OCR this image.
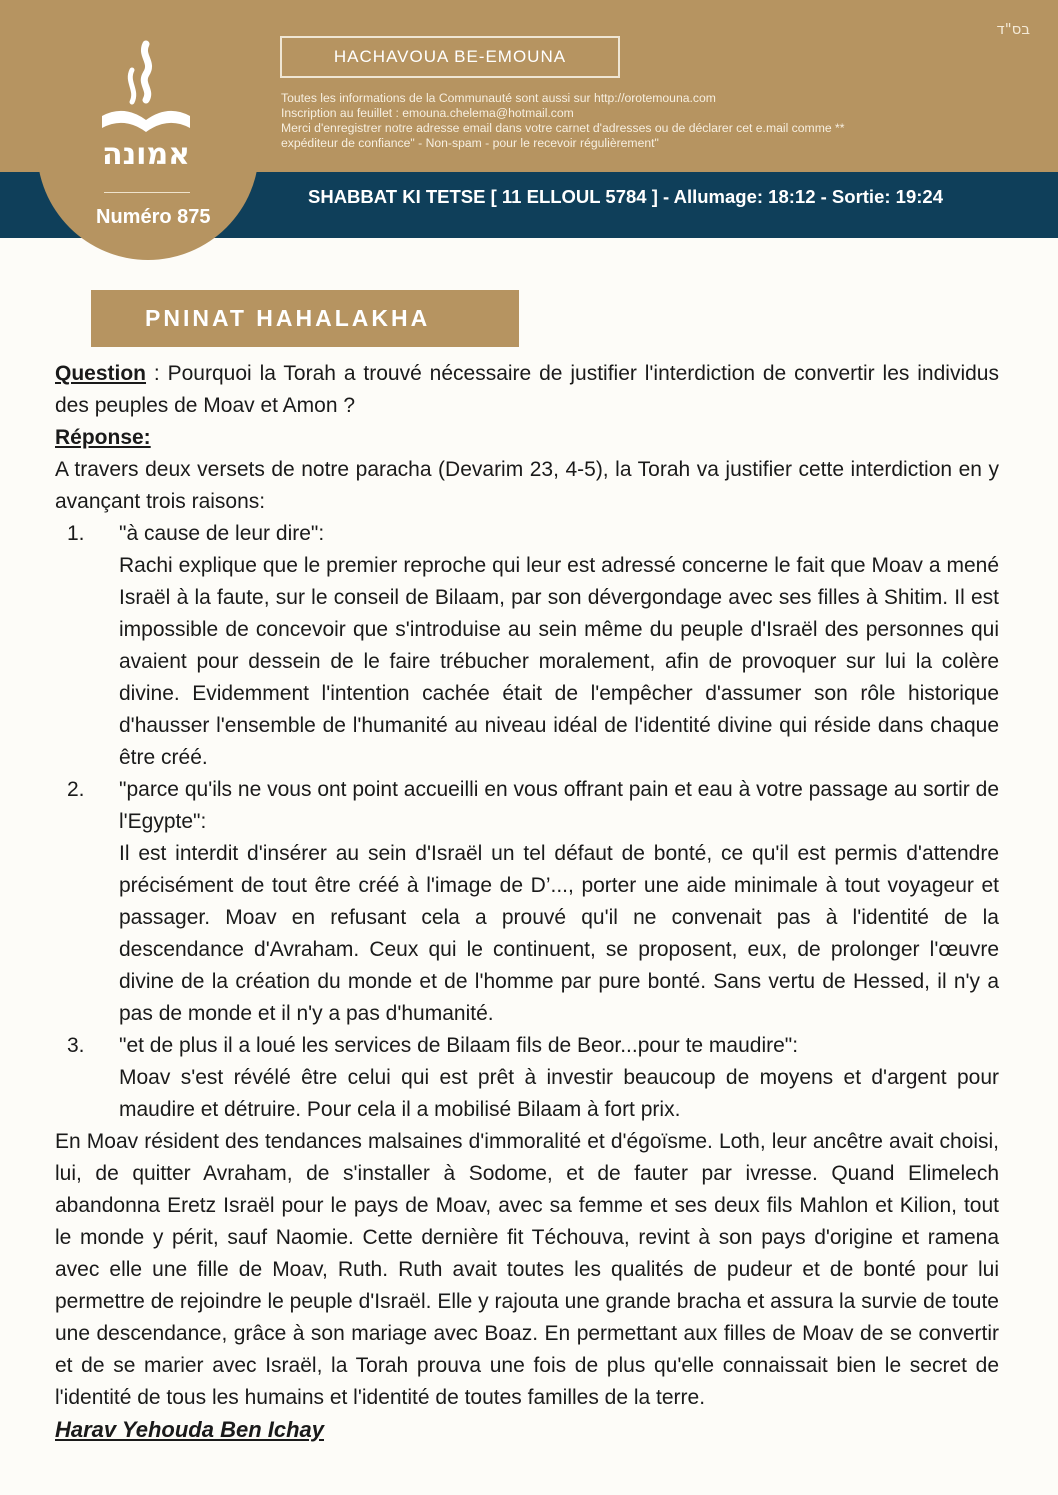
בס"ד
אמונה
Numéro 875
HACHAVOUA BE-EMOUNA
Toutes les informations de la Communauté sont aussi sur http://orotemouna.com
Inscription au feuillet : emouna.chelema@hotmail.com
Merci d'enregistrer notre adresse email dans votre carnet d'adresses ou de déclarer cet e.mail comme **
expéditeur de confiance" - Non-spam - pour le recevoir régulièrement"
SHABBAT KI TETSE [ 11 ELLOUL 5784 ] - Allumage: 18:12 - Sortie: 19:24
PNINAT HAHALAKHA

Question : Pourquoi la Torah a trouvé nécessaire de justifier l'interdiction de convertir les individus des peuples de Moav et Amon ?

Réponse:

A travers deux versets de notre paracha (Devarim 23, 4-5), la Torah va justifier cette interdiction en y avançant trois raisons:

1. "à cause de leur dire":

Rachi explique que le premier reproche qui leur est adressé concerne le fait que Moav a mené Israël à la faute, sur le conseil de Bilaam, par son dévergondage avec ses filles à Shitim. Il est impossible de concevoir que s'introduise au sein même du peuple d'Israël des personnes qui avaient pour dessein de le faire trébucher moralement, afin de provoquer sur lui la colère divine. Evidemment l'intention cachée était de l'empêcher d'assumer son rôle historique d'hausser l'ensemble de l'humanité au niveau idéal de l'identité divine qui réside dans chaque être créé.

2. "parce qu'ils ne vous ont point accueilli en vous offrant pain et eau à votre passage au sortir de l'Egypte":

Il est interdit d'insérer au sein d'Israël un tel défaut de bonté, ce qu'il est permis d'attendre précisément de tout être créé à l'image de D’..., porter une aide minimale à tout voyageur et passager. Moav en refusant cela a prouvé qu'il ne convenait pas à l'identité de la descendance d'Avraham. Ceux qui le continuent, se proposent, eux, de prolonger l'œuvre divine de la création du monde et de l'homme par pure bonté. Sans vertu de Hessed, il n'y a pas de monde et il n'y a pas d'humanité.

3. "et de plus il a loué les services de Bilaam fils de Beor...pour te maudire":

Moav s'est révélé être celui qui est prêt à investir beaucoup de moyens et d'argent pour maudire et détruire. Pour cela il a mobilisé Bilaam à fort prix.

En Moav résident des tendances malsaines d'immoralité et d'égoïsme. Loth, leur ancêtre avait choisi, lui, de quitter Avraham, de s'installer à Sodome, et de fauter par ivresse. Quand Elimelech abandonna Eretz Israël pour le pays de Moav, avec sa femme et ses deux fils Mahlon et Kilion, tout le monde y périt, sauf Naomie. Cette dernière fit Téchouva, revint à son pays d'origine et ramena avec elle une fille de Moav, Ruth. Ruth avait toutes les qualités de pudeur et de bonté pour lui permettre de rejoindre le peuple d'Israël. Elle y rajouta une grande bracha et assura la survie de toute une descendance, grâce à son mariage avec Boaz. En permettant aux filles de Moav de se convertir et de se marier avec Israël, la Torah prouva une fois de plus qu'elle connaissait bien le secret de l'identité de tous les humains et l'identité de toutes familles de la terre.

Harav Yehouda Ben Ichay
